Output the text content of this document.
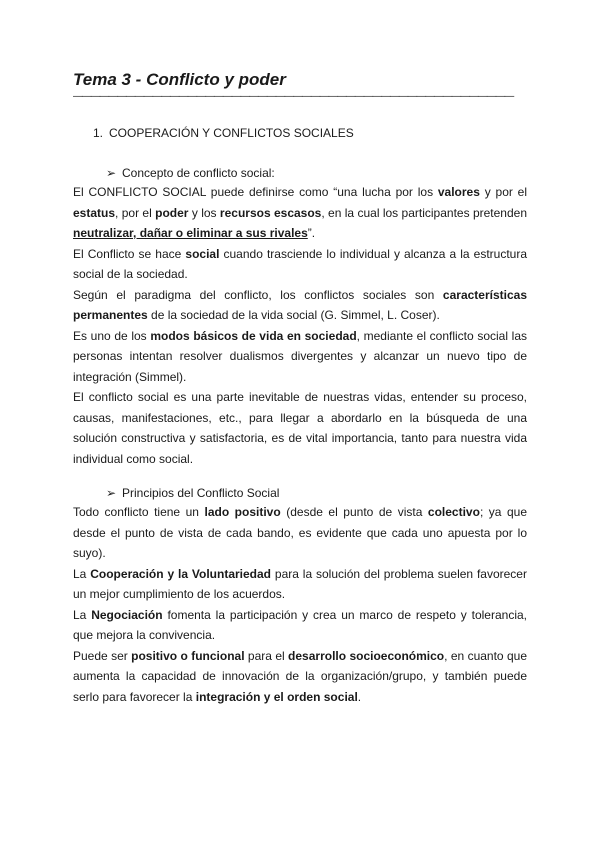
Tema 3 - Conflicto y poder
——————————————————————————————————————————————————
1. COOPERACIÓN Y CONFLICTOS SOCIALES
➢ Concepto de conflicto social:

El CONFLICTO SOCIAL puede definirse como “una lucha por los valores y por el estatus, por el poder y los recursos escasos, en la cual los participantes pretenden neutralizar, dañar o eliminar a sus rivales”.

El Conflicto se hace social cuando trasciende lo individual y alcanza a la estructura social de la sociedad.

Según el paradigma del conflicto, los conflictos sociales son características permanentes de la sociedad de la vida social (G. Simmel, L. Coser).

Es uno de los modos básicos de vida en sociedad, mediante el conflicto social las personas intentan resolver dualismos divergentes y alcanzar un nuevo tipo de integración (Simmel).

El conflicto social es una parte inevitable de nuestras vidas, entender su proceso, causas, manifestaciones, etc., para llegar a abordarlo en la búsqueda de una solución constructiva y satisfactoria, es de vital importancia, tanto para nuestra vida individual como social.

➢ Principios del Conflicto Social

Todo conflicto tiene un lado positivo (desde el punto de vista colectivo; ya que desde el punto de vista de cada bando, es evidente que cada uno apuesta por lo suyo).

La Cooperación y la Voluntariedad para la solución del problema suelen favorecer un mejor cumplimiento de los acuerdos.

La Negociación fomenta la participación y crea un marco de respeto y tolerancia, que mejora la convivencia.

Puede ser positivo o funcional para el desarrollo socioeconómico, en cuanto que aumenta la capacidad de innovación de la organización/grupo, y también puede serlo para favorecer la integración y el orden social.
